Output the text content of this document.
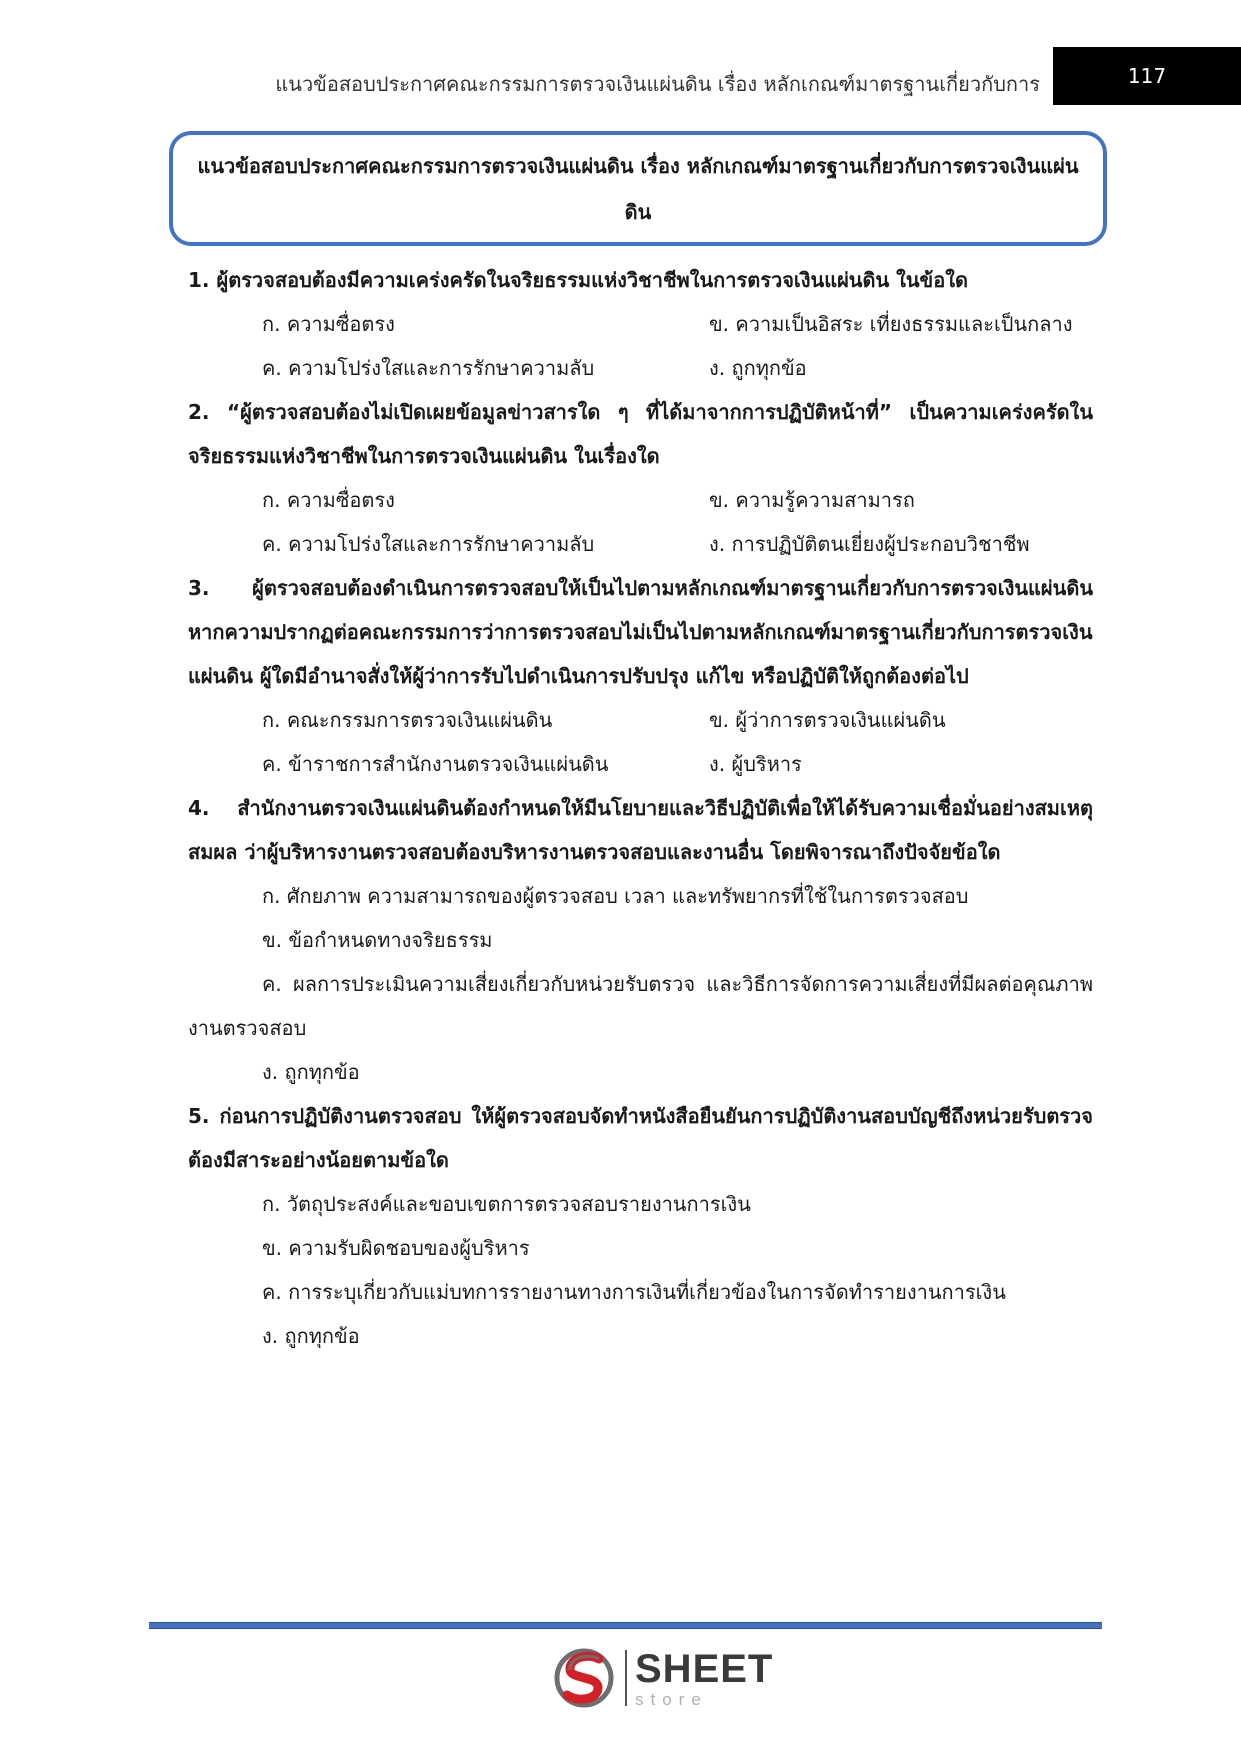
แนวข้อสอบประกาศคณะกรรมการตรวจเงินแผ่นดิน เรื่อง หลักเกณฑ์มาตรฐานเกี่ยวกับการ	117
แนวข้อสอบประกาศคณะกรรมการตรวจเงินแผ่นดิน เรื่อง หลักเกณฑ์มาตรฐานเกี่ยวกับการตรวจเงินแผ่นดิน
1. ผู้ตรวจสอบต้องมีความเคร่งครัดในจริยธรรมแห่งวิชาชีพในการตรวจเงินแผ่นดิน ในข้อใด
ก. ความซื่อตรง	ข. ความเป็นอิสระ เที่ยงธรรมและเป็นกลาง
ค. ความโปร่งใสและการรักษาความลับ	ง. ถูกทุกข้อ
2. “ผู้ตรวจสอบต้องไม่เปิดเผยข้อมูลข่าวสารใด ๆ ที่ได้มาจากการปฏิบัติหน้าที่” เป็นความเคร่งครัดในจริยธรรมแห่งวิชาชีพในการตรวจเงินแผ่นดิน ในเรื่องใด
ก. ความซื่อตรง	ข. ความรู้ความสามารถ
ค. ความโปร่งใสและการรักษาความลับ	ง. การปฏิบัติตนเยี่ยงผู้ประกอบวิชาชีพ
3. ผู้ตรวจสอบต้องดำเนินการตรวจสอบให้เป็นไปตามหลักเกณฑ์มาตรฐานเกี่ยวกับการตรวจเงินแผ่นดิน หากความปรากฏต่อคณะกรรมการว่าการตรวจสอบไม่เป็นไปตามหลักเกณฑ์มาตรฐานเกี่ยวกับการตรวจเงินแผ่นดิน ผู้ใดมีอำนาจสั่งให้ผู้ว่าการรับไปดำเนินการปรับปรุง แก้ไข หรือปฏิบัติให้ถูกต้องต่อไป
ก. คณะกรรมการตรวจเงินแผ่นดิน	ข. ผู้ว่าการตรวจเงินแผ่นดิน
ค. ข้าราชการสำนักงานตรวจเงินแผ่นดิน	ง. ผู้บริหาร
4. สำนักงานตรวจเงินแผ่นดินต้องกำหนดให้มีนโยบายและวิธีปฏิบัติเพื่อให้ได้รับความเชื่อมั่นอย่างสมเหตุสมผล ว่าผู้บริหารงานตรวจสอบต้องบริหารงานตรวจสอบและงานอื่น โดยพิจารณาถึงปัจจัยข้อใด
ก. ศักยภาพ ความสามารถของผู้ตรวจสอบ เวลา และทรัพยากรที่ใช้ในการตรวจสอบ
ข. ข้อกำหนดทางจริยธรรม
ค. ผลการประเมินความเสี่ยงเกี่ยวกับหน่วยรับตรวจ และวิธีการจัดการความเสี่ยงที่มีผลต่อคุณภาพงานตรวจสอบ
ง. ถูกทุกข้อ
5. ก่อนการปฏิบัติงานตรวจสอบ ให้ผู้ตรวจสอบจัดทำหนังสือยืนยันการปฏิบัติงานสอบบัญชีถึงหน่วยรับตรวจ ต้องมีสาระอย่างน้อยตามข้อใด
ก. วัตถุประสงค์และขอบเขตการตรวจสอบรายงานการเงิน
ข. ความรับผิดชอบของผู้บริหาร
ค. การระบุเกี่ยวกับแม่บทการรายงานทางการเงินที่เกี่ยวข้องในการจัดทำรายงานการเงิน
ง. ถูกทุกข้อ
SHEET
store
